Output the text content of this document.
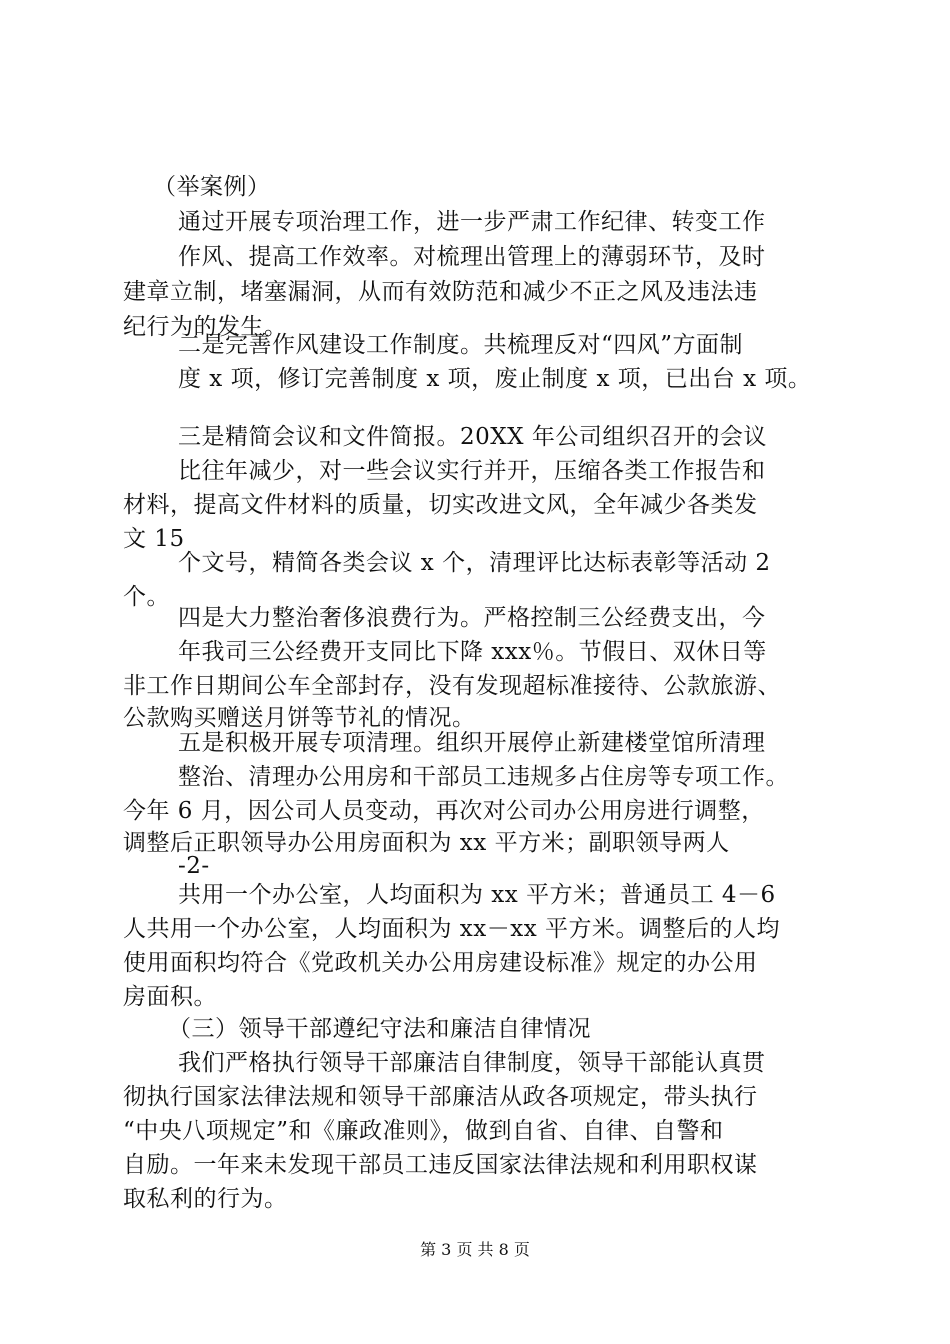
（举案例）
通过开展专项治理工作，进一步严肃工作纪律、转变工作
作风、提高工作效率。对梳理出管理上的薄弱环节，及时
建章立制，堵塞漏洞，从而有效防范和减少不正之风及违法违
纪行为的发生。
二是完善作风建设工作制度。共梳理反对“四风”方面制
度 x 项，修订完善制度 x 项，废止制度 x 项，已出台 x 项。
三是精简会议和文件简报。20XX 年公司组织召开的会议
比往年减少，对一些会议实行并开，压缩各类工作报告和
材料，提高文件材料的质量，切实改进文风，全年减少各类发
文 15
个文号，精简各类会议 x 个，清理评比达标表彰等活动 2
个。
四是大力整治奢侈浪费行为。严格控制三公经费支出，今
年我司三公经费开支同比下降 xxx％。节假日、双休日等
非工作日期间公车全部封存，没有发现超标准接待、公款旅游、
公款购买赠送月饼等节礼的情况。
五是积极开展专项清理。组织开展停止新建楼堂馆所清理
整治、清理办公用房和干部员工违规多占住房等专项工作。
今年 6 月，因公司人员变动，再次对公司办公用房进行调整，
调整后正职领导办公用房面积为 xx 平方米；副职领导两人
-2-
共用一个办公室，人均面积为 xx 平方米；普通员工 4－6
人共用一个办公室，人均面积为 xx－xx 平方米。调整后的人均
使用面积均符合《党政机关办公用房建设标准》规定的办公用
房面积。
（三）领导干部遵纪守法和廉洁自律情况
我们严格执行领导干部廉洁自律制度，领导干部能认真贯
彻执行国家法律法规和领导干部廉洁从政各项规定，带头执行
“中央八项规定”和《廉政准则》，做到自省、自律、自警和
自励。一年来未发现干部员工违反国家法律法规和利用职权谋
取私利的行为。
第 3 页 共 8 页
